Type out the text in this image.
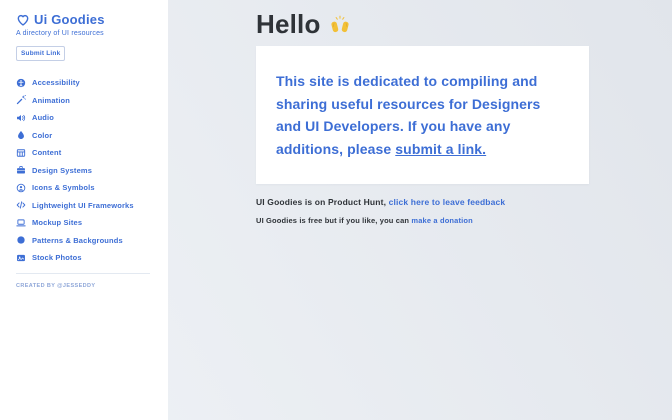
Ui Goodies
A directory of UI resources
Submit Link
Accessibility
Animation
Audio
Color
Content
Design Systems
Icons & Symbols
Lightweight UI Frameworks
Mockup Sites
Patterns & Backgrounds
Stock Photos
CREATED BY @JESSEDDY
Hello

This site is dedicated to compiling and sharing useful resources for Designers and UI Developers. If you have any additions, please submit a link.

UI Goodies is on Product Hunt, click here to leave feedback

UI Goodies is free but if you like, you can make a donation
